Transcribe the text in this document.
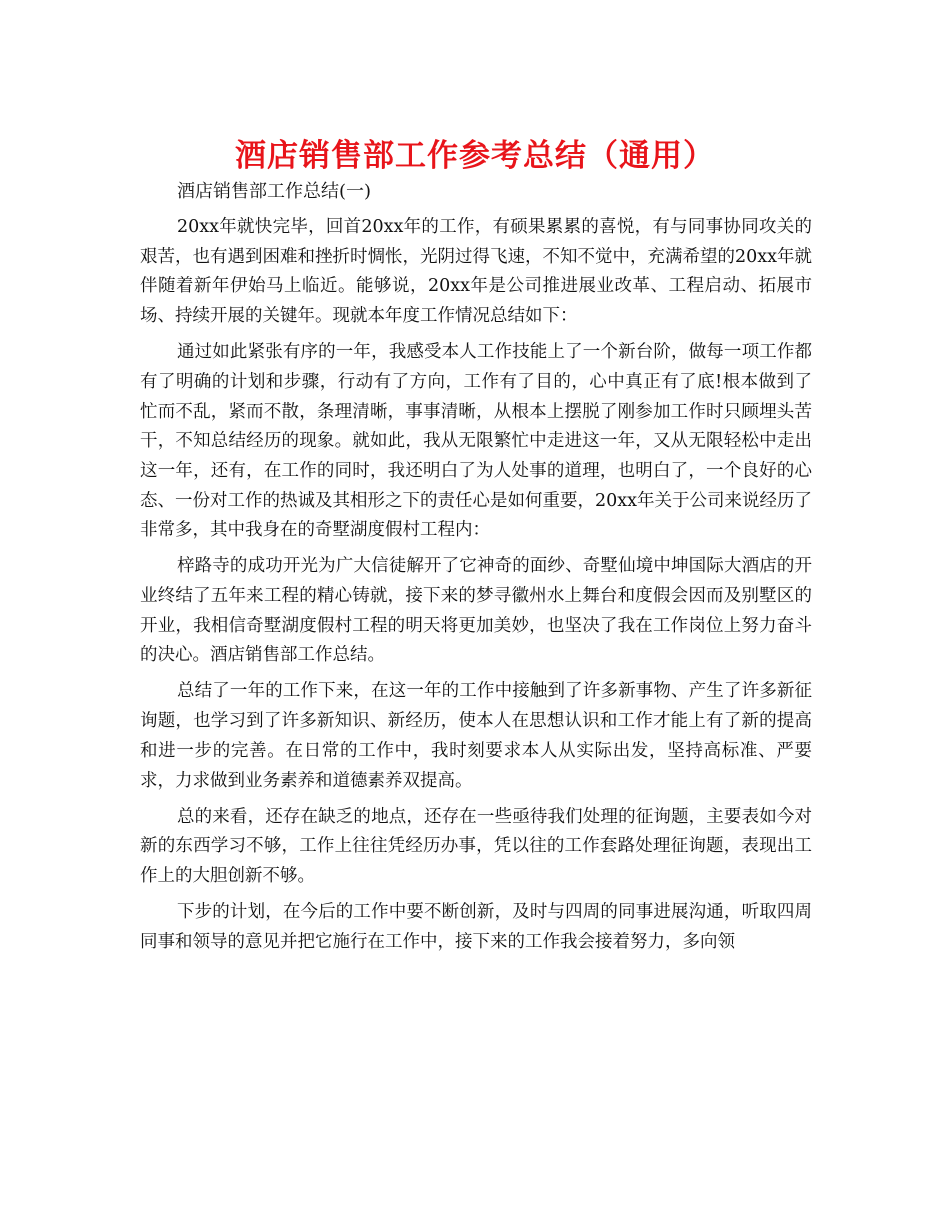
酒店销售部工作参考总结（通用）
酒店销售部工作总结(一)

20xx年就快完毕，回首20xx年的工作，有硕果累累的喜悦，有与同事协同攻关的艰苦，也有遇到困难和挫折时惆怅，光阴过得飞速，不知不觉中，充满希望的20xx年就伴随着新年伊始马上临近。能够说，20xx年是公司推进展业改革、工程启动、拓展市场、持续开展的关键年。现就本年度工作情况总结如下：

通过如此紧张有序的一年，我感受本人工作技能上了一个新台阶，做每一项工作都有了明确的计划和步骤，行动有了方向，工作有了目的，心中真正有了底!根本做到了忙而不乱，紧而不散，条理清晰，事事清晰，从根本上摆脱了刚参加工作时只顾埋头苦干，不知总结经历的现象。就如此，我从无限繁忙中走进这一年，又从无限轻松中走出这一年，还有，在工作的同时，我还明白了为人处事的道理，也明白了，一个良好的心态、一份对工作的热诚及其相形之下的责任心是如何重要，20xx年关于公司来说经历了非常多，其中我身在的奇墅湖度假村工程内：

梓路寺的成功开光为广大信徒解开了它神奇的面纱、奇墅仙境中坤国际大酒店的开业终结了五年来工程的精心铸就，接下来的梦寻徽州水上舞台和度假会因而及别墅区的开业，我相信奇墅湖度假村工程的明天将更加美妙，也坚决了我在工作岗位上努力奋斗的决心。酒店销售部工作总结。

总结了一年的工作下来，在这一年的工作中接触到了许多新事物、产生了许多新征询题，也学习到了许多新知识、新经历，使本人在思想认识和工作才能上有了新的提高和进一步的完善。在日常的工作中，我时刻要求本人从实际出发，坚持高标准、严要求，力求做到业务素养和道德素养双提高。

总的来看，还存在缺乏的地点，还存在一些亟待我们处理的征询题，主要表如今对新的东西学习不够，工作上往往凭经历办事，凭以往的工作套路处理征询题，表现出工作上的大胆创新不够。

下步的计划，在今后的工作中要不断创新，及时与四周的同事进展沟通，听取四周同事和领导的意见并把它施行在工作中，接下来的工作我会接着努力，多向领
